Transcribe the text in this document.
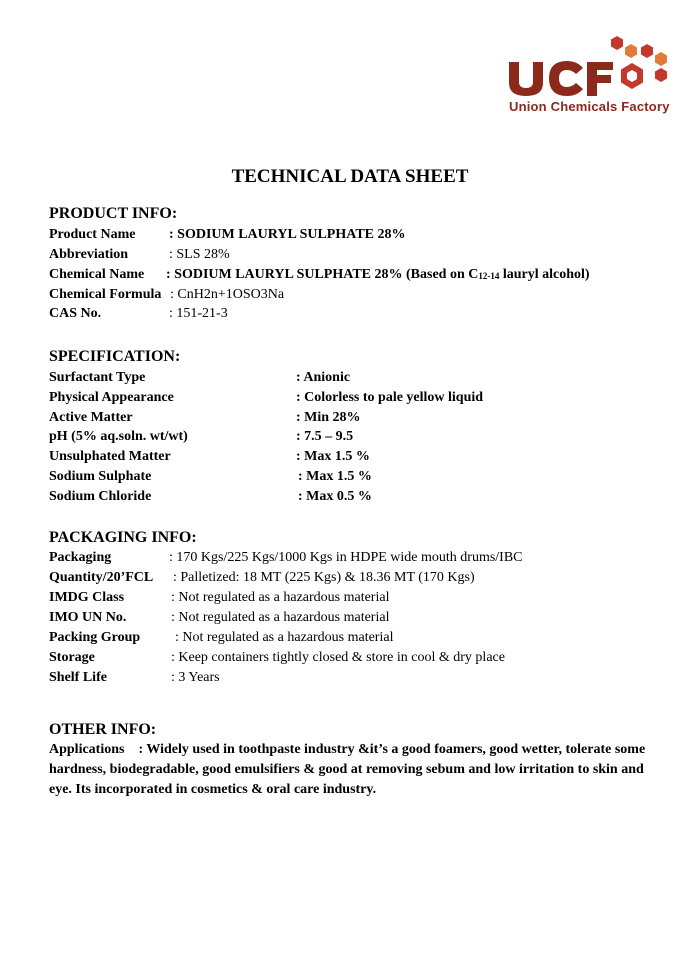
Union Chemicals Factory
TECHNICAL DATA SHEET
PRODUCT INFO:
Product Name : SODIUM LAURYL SULPHATE 28%
Abbreviation	: SLS 28%
Chemical Name : SODIUM LAURYL SULPHATE 28% (Based on $C_{12-14}$ lauryl alcohol)
Chemical Formula : CnH2n+1OSO3Na
CAS No.	: 151-21-3
SPECIFICATION:
Surfactant Type	: Anionic
Physical Appearance	: Colorless to pale yellow liquid
Active Matter	: Min 28%
pH (5% aq.soln. wt/wt)	: 7.5 – 9.5
Unsulphated Matter	: Max 1.5 %
Sodium Sulphate	: Max 1.5 %
Sodium Chloride	: Max 0.5 %
PACKAGING INFO:
Packaging	: 170 Kgs/225 Kgs/1000 Kgs in HDPE wide mouth drums/IBC
Quantity/20’FCL : Palletized: 18 MT (225 Kgs) & 18.36 MT (170 Kgs)
IMDG Class	: Not regulated as a hazardous material
IMO UN No.	: Not regulated as a hazardous material
Packing Group : Not regulated as a hazardous material
Storage	: Keep containers tightly closed & store in cool & dry place
Shelf Life	: 3 Years
OTHER INFO:
Applications : Widely used in toothpaste industry &it’s a good foamers, good wetter, tolerate some hardness, biodegradable, good emulsifiers & good at removing sebum and low irritation to skin and eye. Its incorporated in cosmetics & oral care industry.
